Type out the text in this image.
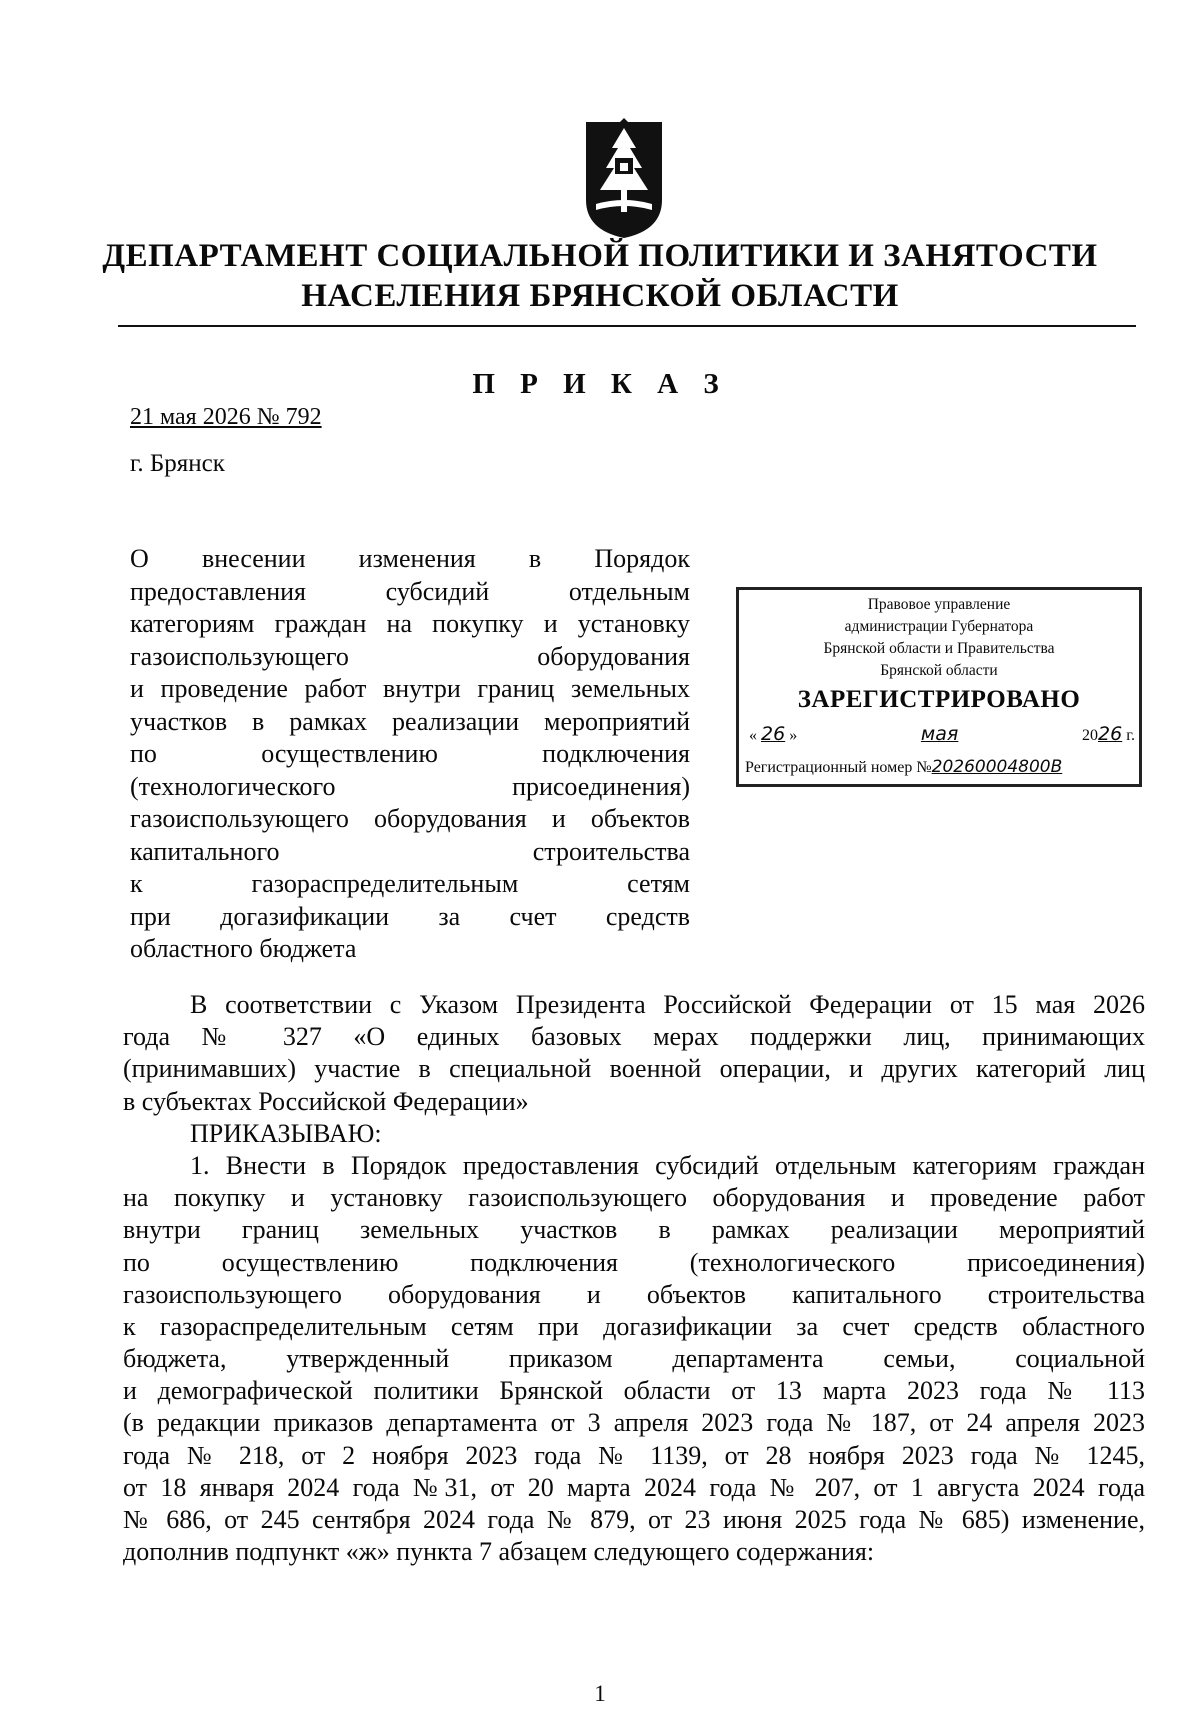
ДЕПАРТАМЕНТ СОЦИАЛЬНОЙ ПОЛИТИКИ И ЗАНЯТОСТИ
НАСЕЛЕНИЯ БРЯНСКОЙ ОБЛАСТИ
П Р И К А З
21 мая 2026 № 792
г. Брянск
О внесении изменения в Порядок
предоставления субсидий отдельным
категориям граждан на покупку и установку
газоиспользующего оборудования
и проведение работ внутри границ земельных
участков в рамках реализации мероприятий
по осуществлению подключения
(технологического присоединения)
газоиспользующего оборудования и объектов
капитального строительства
к газораспределительным сетям
при догазификации за счет средств
областного бюджета
Правовое управление
администрации Губернатора
Брянской области и Правительства
Брянской области
ЗАРЕГИСТРИРОВАНО
« 26 »	мая	2026 г.
Регистрационный номер №20260004800В
В соответствии с Указом Президента Российской Федерации от 15 мая 2026
года № 327 «О единых базовых мерах поддержки лиц, принимающих
(принимавших) участие в специальной военной операции, и других категорий лиц
в субъектах Российской Федерации»
ПРИКАЗЫВАЮ:
1. Внести в Порядок предоставления субсидий отдельным категориям граждан
на покупку и установку газоиспользующего оборудования и проведение работ
внутри границ земельных участков в рамках реализации мероприятий
по осуществлению подключения (технологического присоединения)
газоиспользующего оборудования и объектов капитального строительства
к газораспределительным сетям при догазификации за счет средств областного
бюджета, утвержденный приказом департамента семьи, социальной
и демографической политики Брянской области от 13 марта 2023 года № 113
(в редакции приказов департамента от 3 апреля 2023 года № 187, от 24 апреля 2023
года № 218, от 2 ноября 2023 года № 1139, от 28 ноября 2023 года № 1245,
от 18 января 2024 года №31, от 20 марта 2024 года № 207, от 1 августа 2024 года
№ 686, от 245 сентября 2024 года № 879, от 23 июня 2025 года № 685) изменение,
дополнив подпункт «ж» пункта 7 абзацем следующего содержания:
1
